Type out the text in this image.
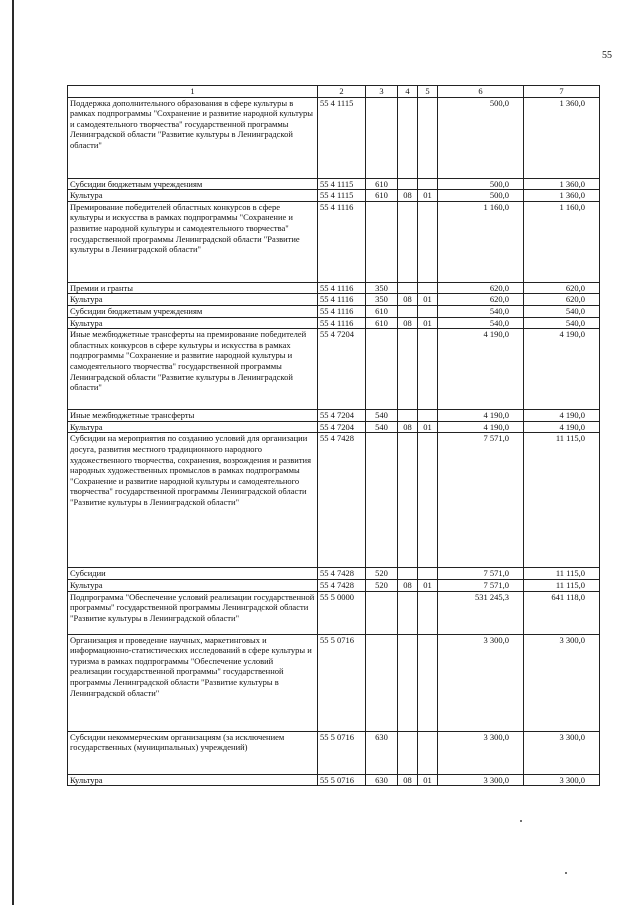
55
1	2	3	4	5	6	7
Поддержка дополнительного образования в сфере культуры в рамках подпрограммы "Сохранение и развитие народной культуры и самодеятельного творчества" государственной программы Ленинградской области "Развитие культуры в Ленинградской области"	55 4 1115				500,0	1 360,0
Субсидии бюджетным учреждениям	55 4 1115	610			500,0	1 360,0
Культура	55 4 1115	610	08	01	500,0	1 360,0
Премирование победителей областных конкурсов в сфере культуры и искусства в рамках подпрограммы "Сохранение и развитие народной культуры и самодеятельного творчества" государственной программы Ленинградской области "Развитие культуры в Ленинградской области"	55 4 1116				1 160,0	1 160,0
Премии и гранты	55 4 1116	350			620,0	620,0
Культура	55 4 1116	350	08	01	620,0	620,0
Субсидии бюджетным учреждениям	55 4 1116	610			540,0	540,0
Культура	55 4 1116	610	08	01	540,0	540,0
Иные межбюджетные трансферты на премирование победителей областных конкурсов в сфере культуры и искусства в рамках подпрограммы "Сохранение и развитие народной культуры и самодеятельного творчества" государственной программы Ленинградской области "Развитие культуры в Ленинградской области"	55 4 7204				4 190,0	4 190,0
Иные межбюджетные трансферты	55 4 7204	540			4 190,0	4 190,0
Культура	55 4 7204	540	08	01	4 190,0	4 190,0
Субсидии на мероприятия по созданию условий для организации досуга, развития местного традиционного народного художественного творчества, сохранения, возрождения и развития народных художественных промыслов в рамках подпрограммы "Сохранение и развитие народной культуры и самодеятельного творчества" государственной программы Ленинградской области "Развитие культуры в Ленинградской области"	55 4 7428				7 571,0	11 115,0
Субсидии	55 4 7428	520			7 571,0	11 115,0
Культура	55 4 7428	520	08	01	7 571,0	11 115,0
Подпрограмма "Обеспечение условий реализации государственной программы" государственной программы Ленинградской области "Развитие культуры в Ленинградской области"	55 5 0000				531 245,3	641 118,0
Организация и проведение научных, маркетинговых и информационно-статистических исследований в сфере культуры и туризма в рамках подпрограммы "Обеспечение условий реализации государственной программы" государственной программы Ленинградской области "Развитие культуры в Ленинградской области"	55 5 0716				3 300,0	3 300,0
Субсидии некоммерческим организациям (за исключением государственных (муниципальных) учреждений)	55 5 0716	630			3 300,0	3 300,0
Культура	55 5 0716	630	08	01	3 300,0	3 300,0
